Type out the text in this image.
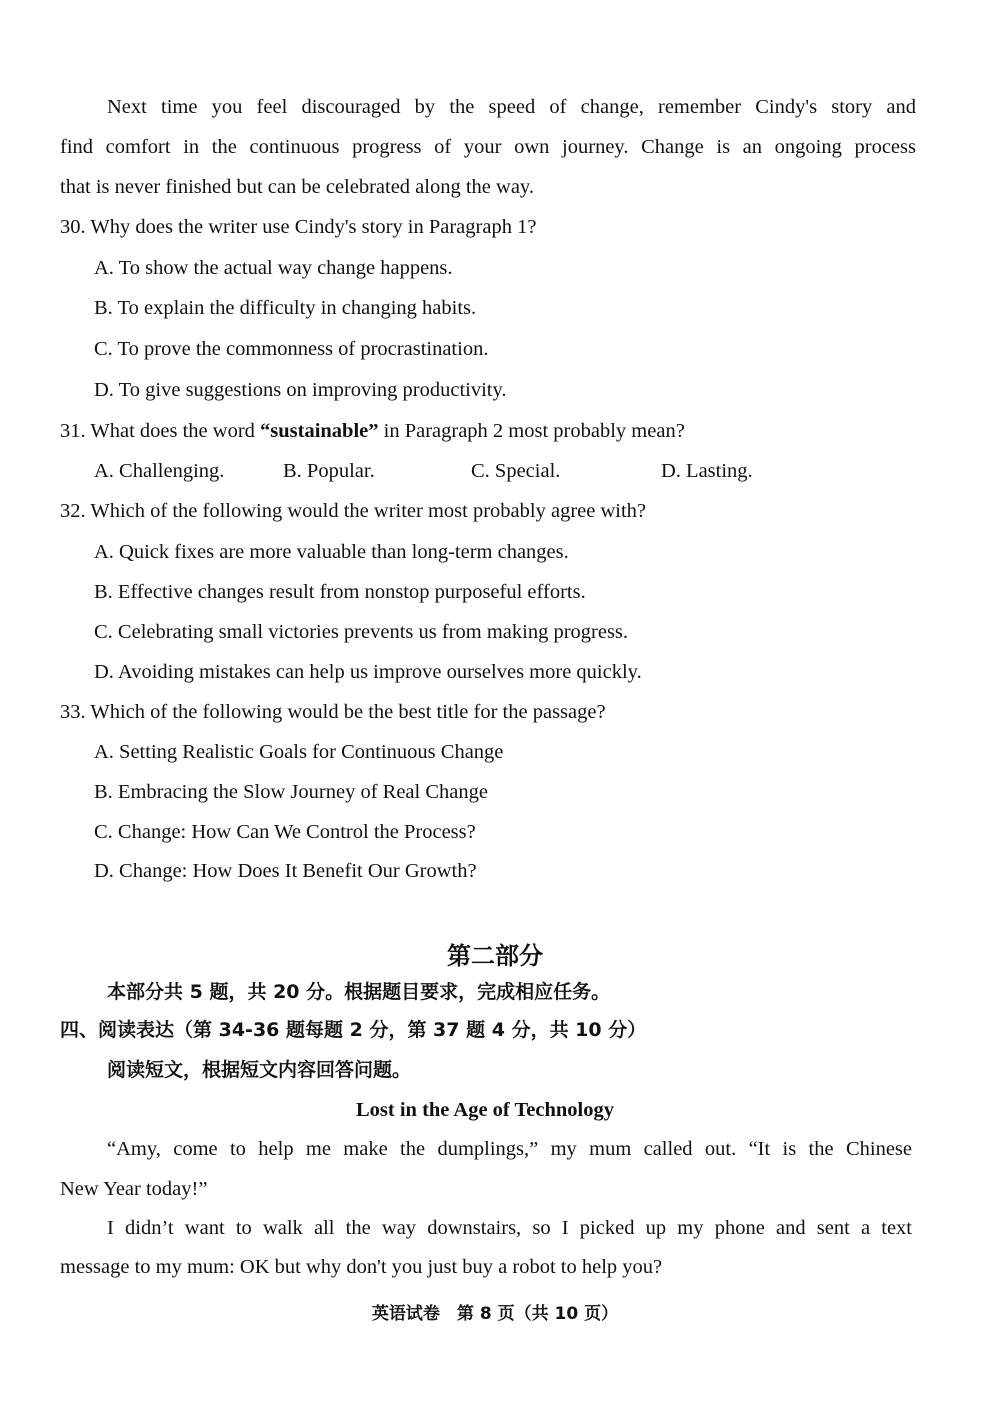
Next time you feel discouraged by the speed of change, remember Cindy's story and
find comfort in the continuous progress of your own journey. Change is an ongoing process
that is never finished but can be celebrated along the way.
30. Why does the writer use Cindy's story in Paragraph 1?
A. To show the actual way change happens.
B. To explain the difficulty in changing habits.
C. To prove the commonness of procrastination.
D. To give suggestions on improving productivity.
31. What does the word “sustainable” in Paragraph 2 most probably mean?
A. Challenging.	B. Popular.	C. Special.	D. Lasting.
32. Which of the following would the writer most probably agree with?
A. Quick fixes are more valuable than long-term changes.
B. Effective changes result from nonstop purposeful efforts.
C. Celebrating small victories prevents us from making progress.
D. Avoiding mistakes can help us improve ourselves more quickly.
33. Which of the following would be the best title for the passage?
A. Setting Realistic Goals for Continuous Change
B. Embracing the Slow Journey of Real Change
C. Change: How Can We Control the Process?
D. Change: How Does It Benefit Our Growth?
第二部分
本部分共 5 题，共 20 分。根据题目要求，完成相应任务。
四、阅读表达（第 34-36 题每题 2 分，第 37 题 4 分，共 10 分）
阅读短文，根据短文内容回答问题。
Lost in the Age of Technology
“Amy, come to help me make the dumplings,” my mum called out. “It is the Chinese
New Year today!”
I didn’t want to walk all the way downstairs, so I picked up my phone and sent a text
message to my mum: OK but why don't you just buy a robot to help you?
英语试卷　第 8 页（共 10 页）
